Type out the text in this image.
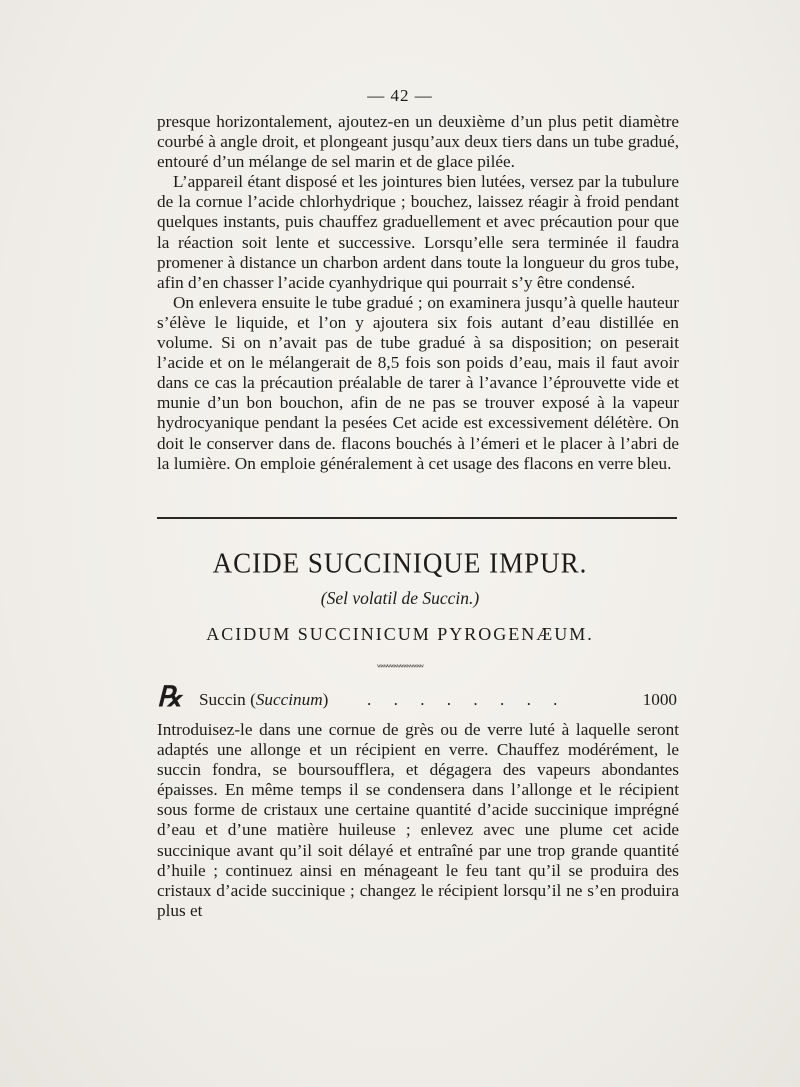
— 42 —

presque horizontalement, ajoutez-en un deuxième d’un plus petit diamètre courbé à angle droit, et plongeant jusqu’aux deux tiers dans un tube gradué, entouré d’un mélange de sel marin et de glace pilée.

L’appareil étant disposé et les jointures bien lutées, versez par la tubulure de la cornue l’acide chlorhydrique ; bouchez, laissez réagir à froid pendant quelques instants, puis chauffez graduellement et avec précaution pour que la réaction soit lente et successive. Lorsqu’elle sera terminée il faudra promener à distance un charbon ardent dans toute la longueur du gros tube, afin d’en chasser l’acide cyanhydrique qui pourrait s’y être condensé.

On enlevera ensuite le tube gradué ; on examinera jusqu’à quelle hauteur s’élève le liquide, et l’on y ajoutera six fois autant d’eau distillée en volume. Si on n’avait pas de tube gradué à sa disposition; on peserait l’acide et on le mélangerait de 8,5 fois son poids d’eau, mais il faut avoir dans ce cas la précaution préalable de tarer à l’avance l’éprouvette vide et munie d’un bon bouchon, afin de ne pas se trouver exposé à la vapeur hydrocyanique pendant la pesées Cet acide est excessivement délétère. On doit le conserver dans de. flacons bouchés à l’émeri et le placer à l’abri de la lumière. On emploie généralement à cet usage des flacons en verre bleu.

ACIDE SUCCINIQUE IMPUR.
(Sel volatil de Succin.)
ACIDUM SUCCINICUM PYROGENÆUM.
ʷʷʷʷʷʷʷʷʷʷʷʷʷʷ
℞ Succin (Succinum) . . . . . . . .	1000

Introduisez-le dans une cornue de grès ou de verre luté à laquelle seront adaptés une allonge et un récipient en verre. Chauffez modérément, le succin fondra, se boursoufflera, et dégagera des vapeurs abondantes épaisses. En même temps il se condensera dans l’allonge et le récipient sous forme de cristaux une certaine quantité d’acide succinique imprégné d’eau et d’une matière huileuse ; enlevez avec une plume cet acide succinique avant qu’il soit délayé et entraîné par une trop grande quantité d’huile ; continuez ainsi en ménageant le feu tant qu’il se produira des cristaux d’acide succinique ; changez le récipient lorsqu’il ne s’en produira plus et
